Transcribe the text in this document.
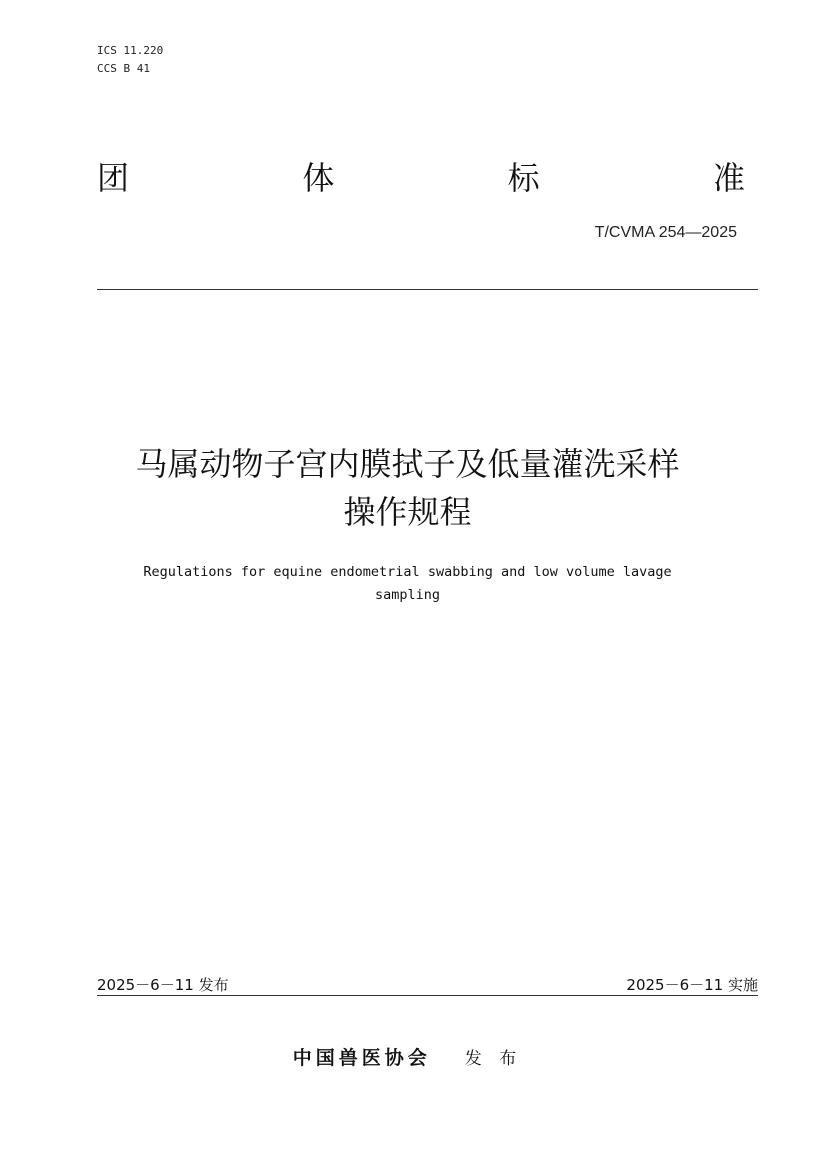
ICS 11.220
CCS B 41
团	体	标	准
T/CVMA 254—2025
马属动物子宫内膜拭子及低量灌洗采样
操作规程
Regulations for equine endometrial swabbing and low volume lavage
sampling
2025－6－11 发布	2025－6－11 实施
中国兽医协会 发 布
